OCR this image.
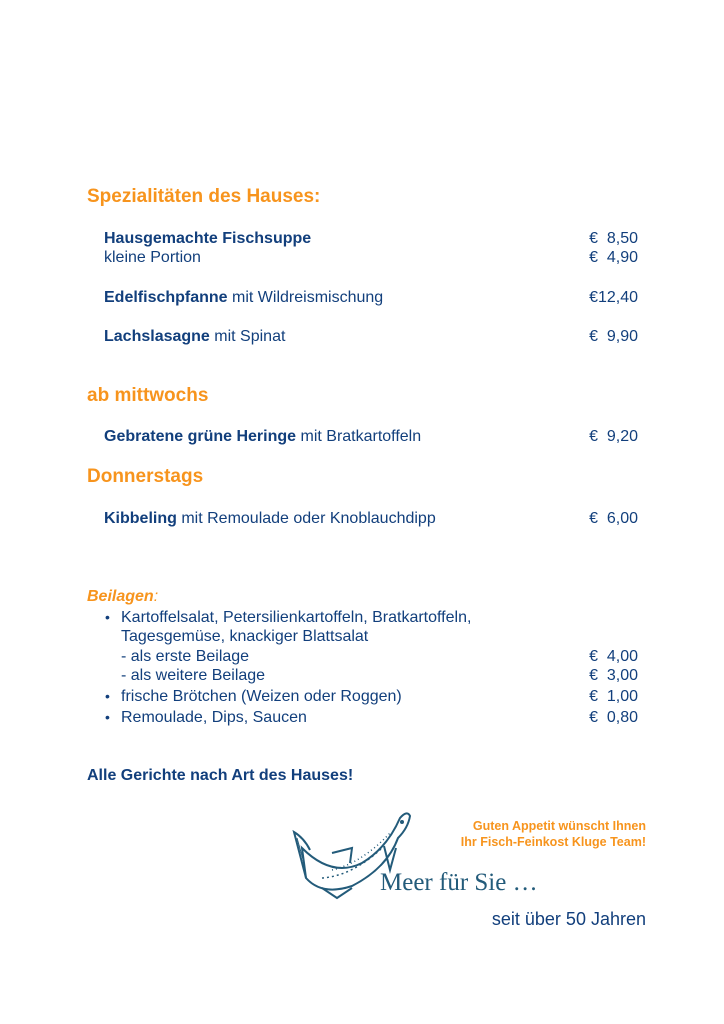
Spezialitäten des Hauses:
Hausgemachte Fischsuppe	€  8,50
kleine Portion	€  4,90
Edelfischpfanne mit Wildreismischung	€12,40
Lachslasagne mit Spinat	€  9,90
ab mittwochs
Gebratene grüne Heringe mit Bratkartoffeln	€  9,20
Donnerstags
Kibbeling mit Remoulade oder Knoblauchdipp	€  6,00
Beilagen:
• Kartoffelsalat, Petersilienkartoffeln, Bratkartoffeln,
Tagesgemüse, knackiger Blattsalat
- als erste Beilage	€  4,00
- als weitere Beilage	€  3,00
• frische Brötchen (Weizen oder Roggen)	€  1,00
• Remoulade, Dips, Saucen	€  0,80
Alle Gerichte nach Art des Hauses!
Guten Appetit wünscht Ihnen
Ihr Fisch-Feinkost Kluge Team!
Meer für Sie …
seit über 50 Jahren
